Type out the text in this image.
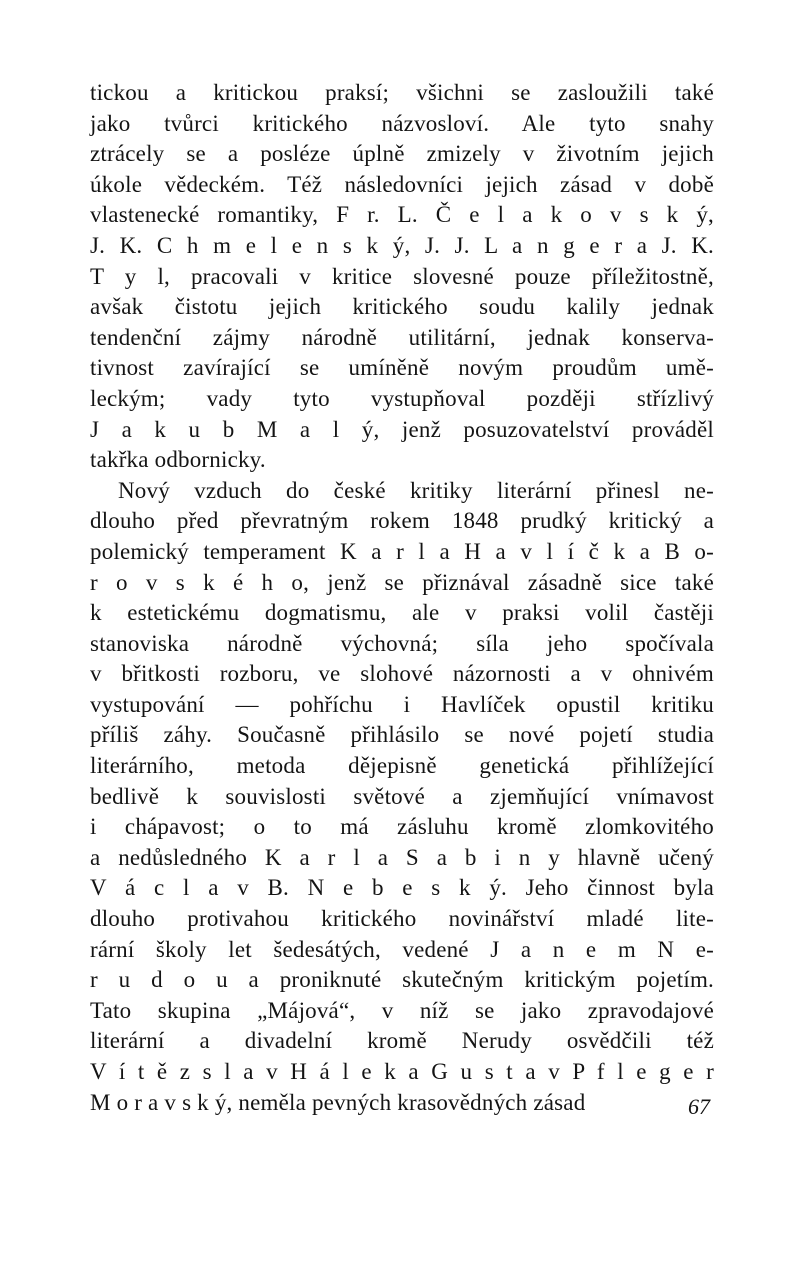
tickou a kritickou praksí; všichni se zasloužili také
jako tvůrci kritického názvosloví. Ale tyto snahy
ztrácely se a posléze úplně zmizely v životním jejich
úkole vědeckém. Též následovníci jejich zásad v době
vlastenecké romantiky, F r. L. Č e l a k o v s k ý,
J. K. C h m e l e n s k ý, J. J. L a n g e r a J. K.
T y l, pracovali v kritice slovesné pouze příležitostně,
avšak čistotu jejich kritického soudu kalily jednak
tendenční zájmy národně utilitární, jednak konserva-
tivnost zavírající se umíněně novým proudům umě-
leckým; vady tyto vystupňoval později střízlivý
J a k u b M a l ý, jenž posuzovatelství prováděl
takřka odbornicky.
Nový vzduch do české kritiky literární přinesl ne-
dlouho před převratným rokem 1848 prudký kritický a
polemický temperament K a r l a H a v l í č k a B o-
r o v s k é h o, jenž se přiznával zásadně sice také
k estetickému dogmatismu, ale v praksi volil častěji
stanoviska národně výchovná; síla jeho spočívala
v břitkosti rozboru, ve slohové názornosti a v ohnivém
vystupování — pohříchu i Havlíček opustil kritiku
příliš záhy. Současně přihlásilo se nové pojetí studia
literárního, metoda dějepisně genetická přihlížející
bedlivě k souvislosti světové a zjemňující vnímavost
i chápavost; o to má zásluhu kromě zlomkovitého
a nedůsledného K a r l a S a b i n y hlavně učený
V á c l a v B. N e b e s k ý. Jeho činnost byla
dlouho protivahou kritického novinářství mladé lite-
rární školy let šedesátých, vedené J a n e m N e-
r u d o u a proniknuté skutečným kritickým pojetím.
Tato skupina „Májová“, v níž se jako zpravodajové
literární a divadelní kromě Nerudy osvědčili též
V í t ě z s l a v H á l e k a G u s t a v P f l e g e r
M o r a v s k ý, neměla pevných krasovědných zásad	67
